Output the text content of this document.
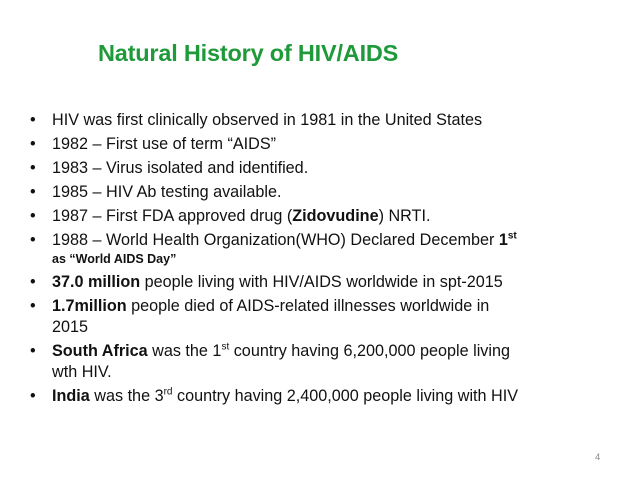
Natural History of HIV/AIDS
• HIV was first clinically observed in 1981 in the United States
• 1982 – First use of term “AIDS”
• 1983 – Virus isolated and identified.
• 1985 – HIV Ab testing available.
• 1987 – First FDA approved drug (Zidovudine) NRTI.
• 1988 – World Health Organization(WHO) Declared December 1st
as “World AIDS Day”
• 37.0 million people living with HIV/AIDS worldwide in spt-2015
• 1.7million people died of AIDS-related illnesses worldwide in
2015
• South Africa was the 1st country having 6,200,000 people living
wth HIV.
• India was the 3rd country having 2,400,000 people living with HIV
4
